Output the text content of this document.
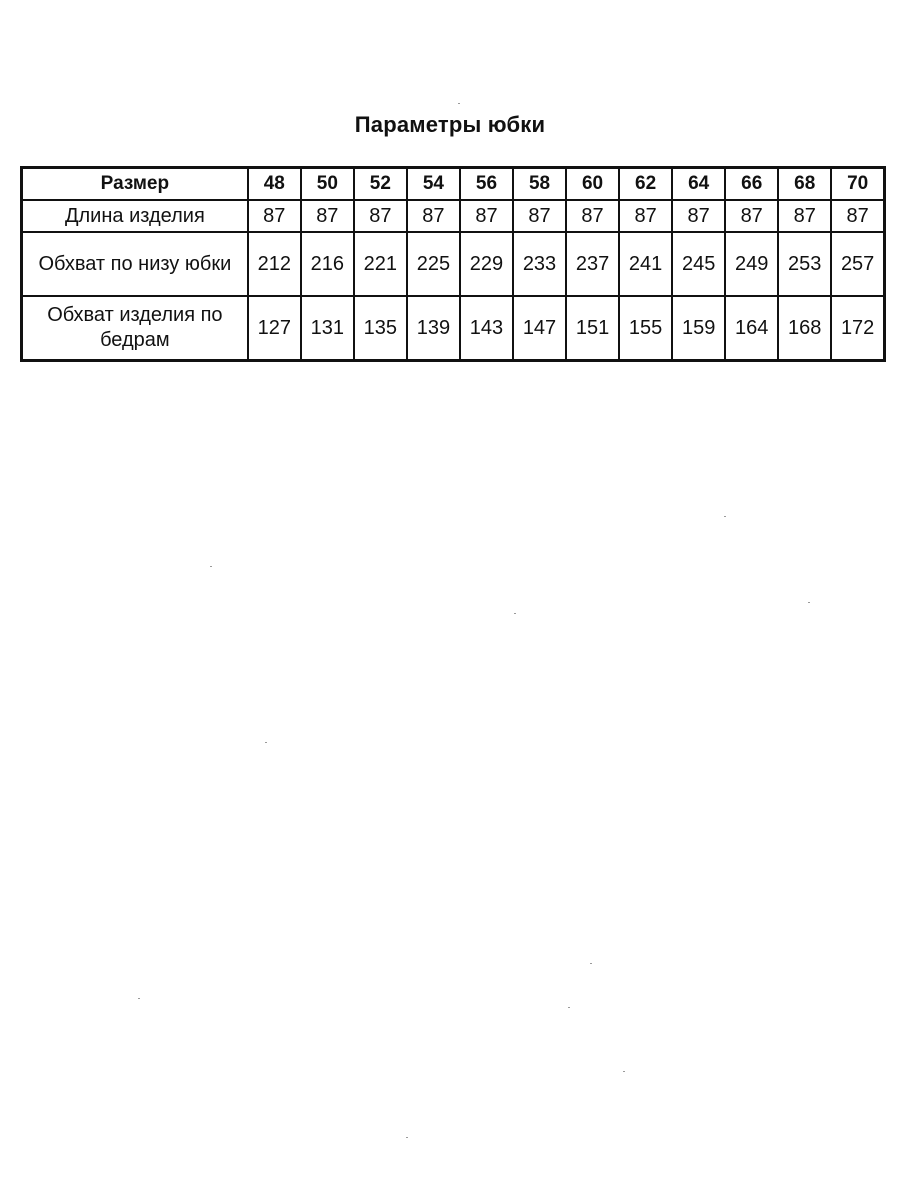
Параметры юбки
Размер	48	50	52	54	56	58	60	62	64	66	68	70
Длина изделия	87	87	87	87	87	87	87	87	87	87	87	87
Обхват по низу юбки	212	216	221	225	229	233	237	241	245	249	253	257
Обхват изделия по бедрам	127	131	135	139	143	147	151	155	159	164	168	172
